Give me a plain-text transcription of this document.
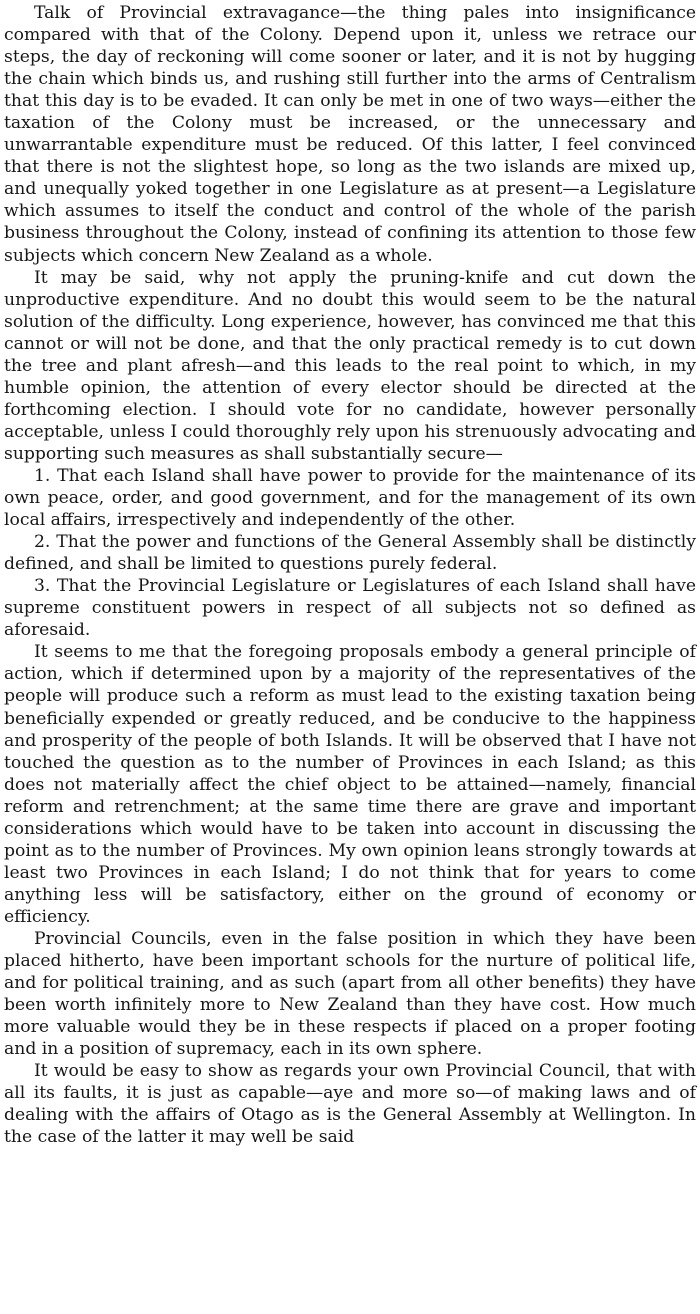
Talk of Provincial extravagance—the thing pales into insignificance compared with that of the Colony. Depend upon it, unless we retrace our steps, the day of reckoning will come sooner or later, and it is not by hugging the chain which binds us, and rushing still further into the arms of Centralism that this day is to be evaded. It can only be met in one of two ways—either the taxation of the Colony must be increased, or the unnecessary and unwarrantable expenditure must be reduced. Of this latter, I feel convinced that there is not the slightest hope, so long as the two islands are mixed up, and unequally yoked together in one Legislature as at present—a Legislature which assumes to itself the conduct and control of the whole of the parish business throughout the Colony, instead of confining its attention to those few subjects which concern New Zealand as a whole.

It may be said, why not apply the pruning-knife and cut down the unproductive expenditure. And no doubt this would seem to be the natural solution of the difficulty. Long experience, however, has convinced me that this cannot or will not be done, and that the only practical remedy is to cut down the tree and plant afresh—and this leads to the real point to which, in my humble opinion, the attention of every elector should be directed at the forthcoming election. I should vote for no candidate, however personally acceptable, unless I could thoroughly rely upon his strenuously advocating and supporting such measures as shall substantially secure—

1. That each Island shall have power to provide for the maintenance of its own peace, order, and good government, and for the management of its own local affairs, irrespectively and independently of the other.

2. That the power and functions of the General Assembly shall be distinctly defined, and shall be limited to questions purely federal.

3. That the Provincial Legislature or Legislatures of each Island shall have supreme constituent powers in respect of all subjects not so defined as aforesaid.

It seems to me that the foregoing proposals embody a general principle of action, which if determined upon by a majority of the representatives of the people will produce such a reform as must lead to the existing taxation being beneficially expended or greatly reduced, and be conducive to the happiness and prosperity of the people of both Islands. It will be observed that I have not touched the question as to the number of Provinces in each Island; as this does not materially affect the chief object to be attained—namely, financial reform and retrenchment; at the same time there are grave and important considerations which would have to be taken into account in discussing the point as to the number of Provinces. My own opinion leans strongly towards at least two Provinces in each Island; I do not think that for years to come anything less will be satisfactory, either on the ground of economy or efficiency.

Provincial Councils, even in the false position in which they have been placed hitherto, have been important schools for the nurture of political life, and for political training, and as such (apart from all other benefits) they have been worth infinitely more to New Zealand than they have cost. How much more valuable would they be in these respects if placed on a proper footing and in a position of supremacy, each in its own sphere.

It would be easy to show as regards your own Provincial Council, that with all its faults, it is just as capable—aye and more so—of making laws and of dealing with the affairs of Otago as is the General Assembly at Wellington. In the case of the latter it may well be said
